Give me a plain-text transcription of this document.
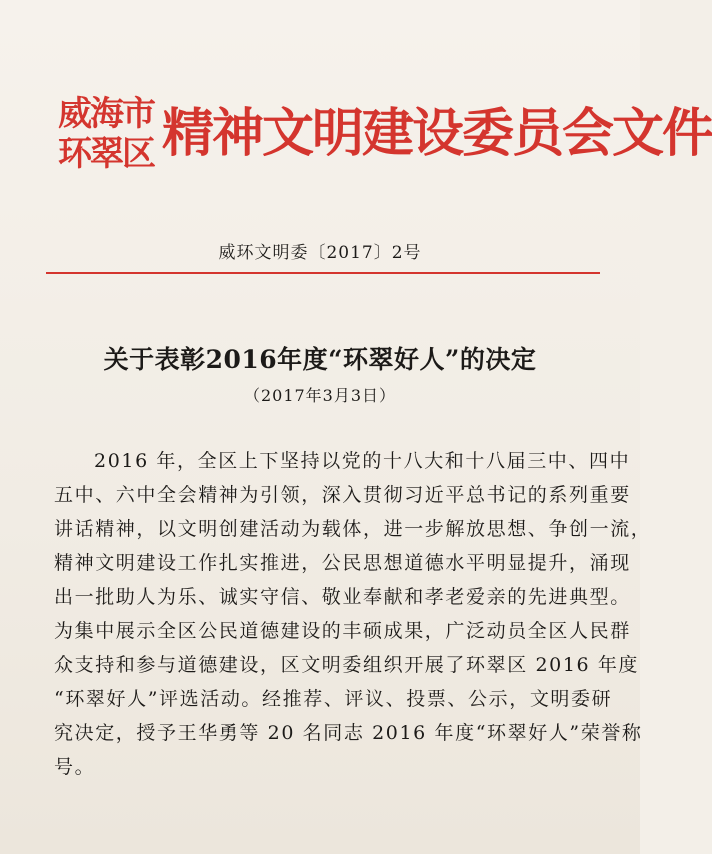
威海市
环翠区 精神文明建设委员会文件
威环文明委〔2017〕2号
关于表彰2016年度“环翠好人”的决定
（2017年3月3日）
2016 年，全区上下坚持以党的十八大和十八届三中、四中
五中、六中全会精神为引领，深入贯彻习近平总书记的系列重要
讲话精神，以文明创建活动为载体，进一步解放思想、争创一流，
精神文明建设工作扎实推进，公民思想道德水平明显提升，涌现
出一批助人为乐、诚实守信、敬业奉献和孝老爱亲的先进典型。
为集中展示全区公民道德建设的丰硕成果，广泛动员全区人民群
众支持和参与道德建设，区文明委组织开展了环翠区 2016 年度
“环翠好人”评选活动。经推荐、评议、投票、公示，文明委研
究决定，授予王华勇等 20 名同志 2016 年度“环翠好人”荣誉称
号。
